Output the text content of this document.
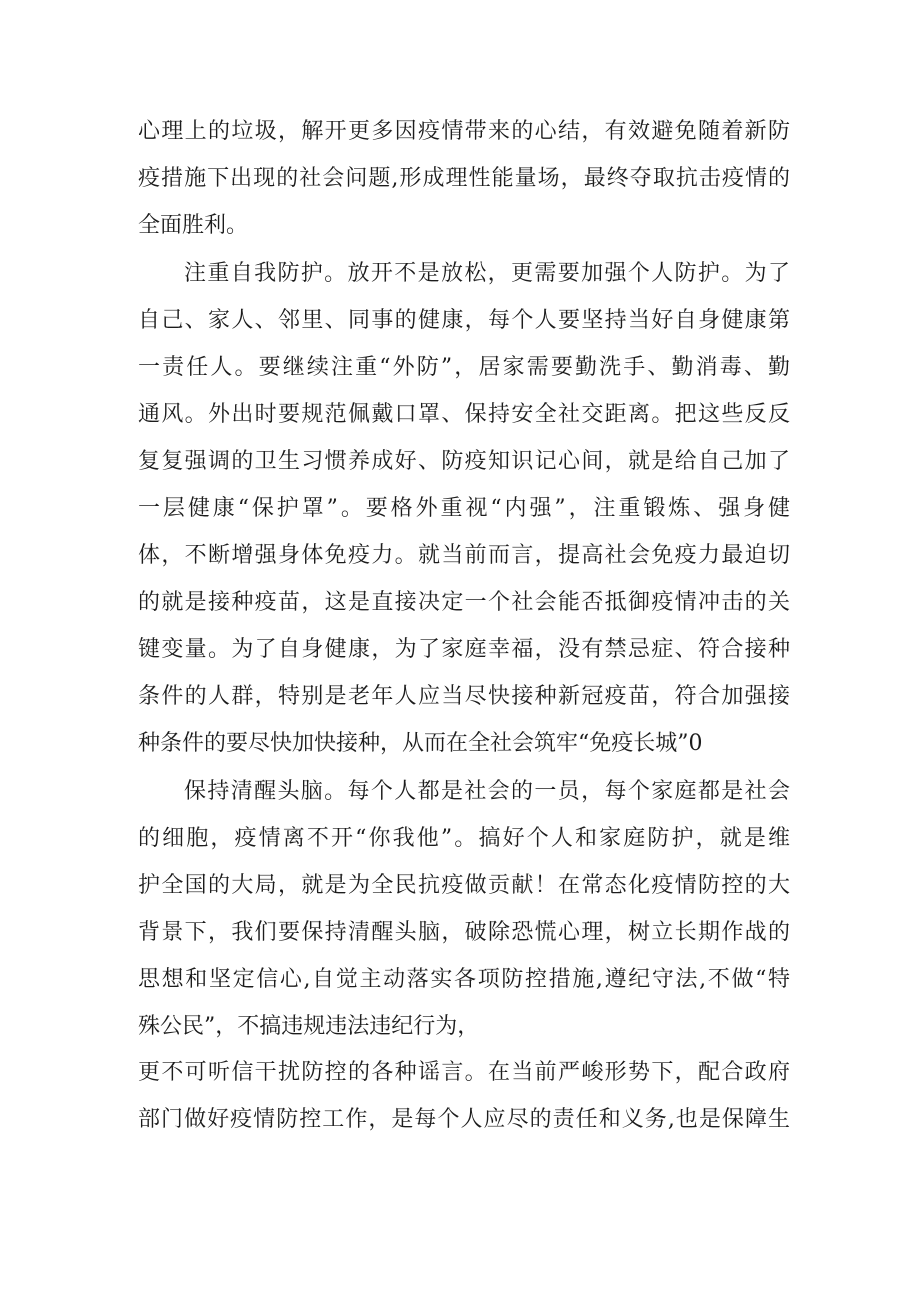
心理上的垃圾，解开更多因疫情带来的心结，有效避免随着新防
疫措施下出现的社会问题,形成理性能量场，最终夺取抗击疫情的
全面胜利。
注重自我防护。放开不是放松，更需要加强个人防护。为了
自己、家人、邻里、同事的健康，每个人要坚持当好自身健康第
一责任人。要继续注重“外防”，居家需要勤洗手、勤消毒、勤
通风。外出时要规范佩戴口罩、保持安全社交距离。把这些反反
复复强调的卫生习惯养成好、防疫知识记心间，就是给自己加了
一层健康“保护罩”。要格外重视“内强”，注重锻炼、强身健
体，不断增强身体免疫力。就当前而言，提高社会免疫力最迫切
的就是接种疫苗，这是直接决定一个社会能否抵御疫情冲击的关
键变量。为了自身健康，为了家庭幸福，没有禁忌症、符合接种
条件的人群，特别是老年人应当尽快接种新冠疫苗，符合加强接
种条件的要尽快加快接种，从而在全社会筑牢“免疫长城”0
保持清醒头脑。每个人都是社会的一员，每个家庭都是社会
的细胞，疫情离不开“你我他”。搞好个人和家庭防护，就是维
护全国的大局，就是为全民抗疫做贡献！在常态化疫情防控的大
背景下，我们要保持清醒头脑，破除恐慌心理，树立长期作战的
思想和坚定信心,自觉主动落实各项防控措施,遵纪守法,不做“特
殊公民”，不搞违规违法违纪行为，
更不可听信干扰防控的各种谣言。在当前严峻形势下，配合政府
部门做好疫情防控工作，是每个人应尽的责任和义务,也是保障生
